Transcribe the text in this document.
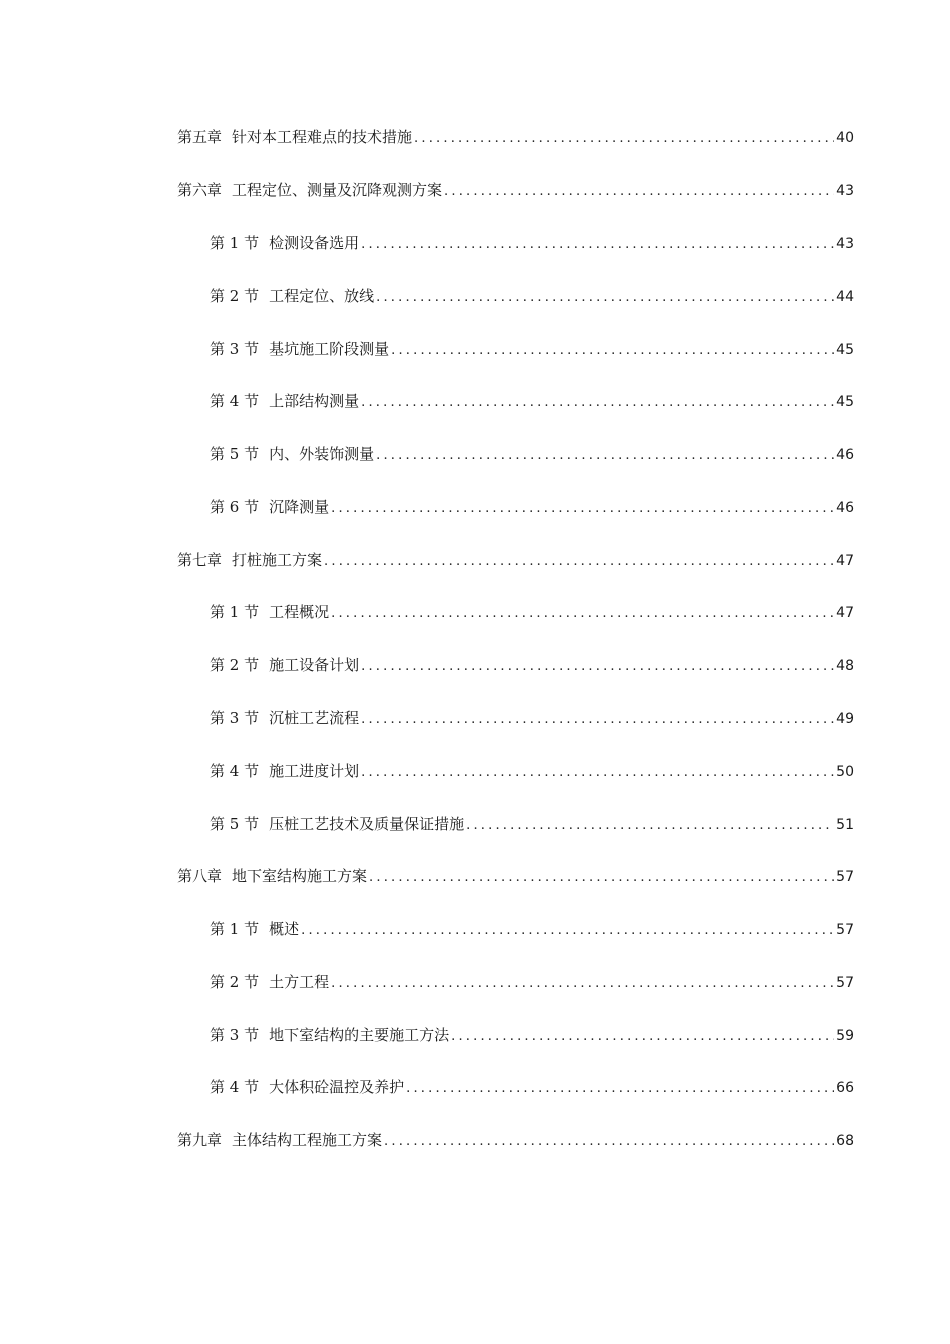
第五章 针对本工程难点的技术措施 .....	40
第六章 工程定位、测量及沉降观测方案 .....	43
第 1 节 检测设备选用 .....	43
第 2 节 工程定位、放线 .....	44
第 3 节 基坑施工阶段测量 .....	45
第 4 节 上部结构测量 .....	45
第 5 节 内、外装饰测量 .....	46
第 6 节 沉降测量 .....	46
第七章 打桩施工方案 .....	47
第 1 节 工程概况 .....	47
第 2 节 施工设备计划 .....	48
第 3 节 沉桩工艺流程 .....	49
第 4 节 施工进度计划 .....	50
第 5 节 压桩工艺技术及质量保证措施 .....	51
第八章 地下室结构施工方案 .....	57
第 1 节 概述 .....	57
第 2 节 土方工程 .....	57
第 3 节 地下室结构的主要施工方法 .....	59
第 4 节 大体积砼温控及养护 .....	66
第九章 主体结构工程施工方案 .....	68
